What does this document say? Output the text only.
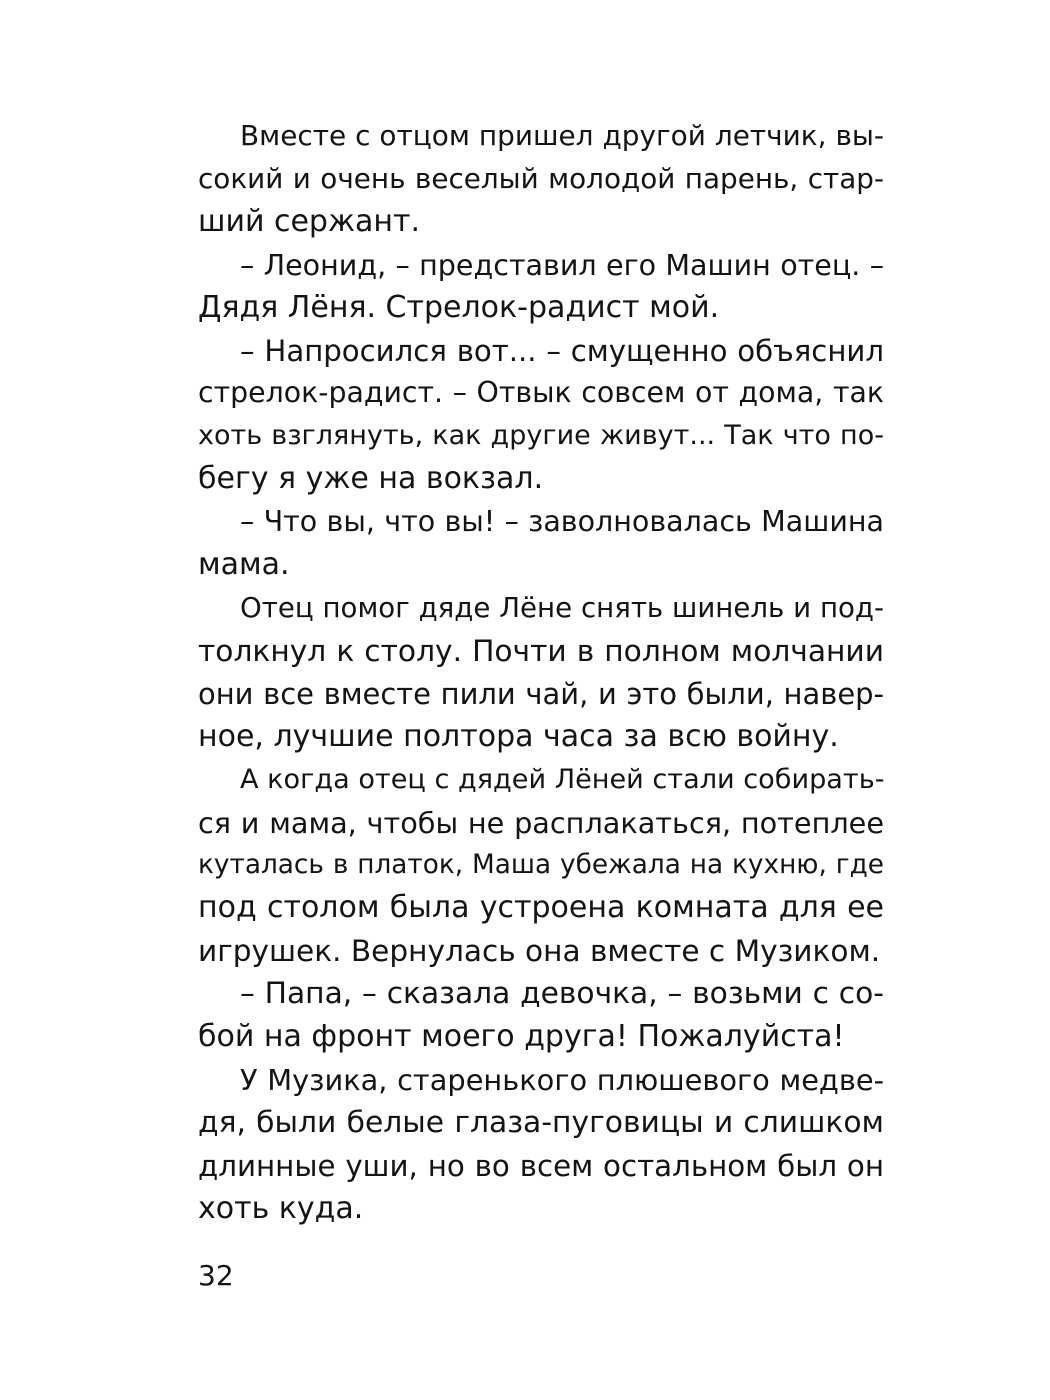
Вместе с отцом пришел другой летчик, вы-
сокий и очень веселый молодой парень, стар-
ший сержант.

– Леонид, – представил его Машин отец. –
Дядя Лёня. Стрелок-радист мой.

– Напросился вот... – смущенно объяснил
стрелок-радист. – Отвык совсем от дома, так
хоть взглянуть, как другие живут... Так что по-
бегу я уже на вокзал.

– Что вы, что вы! – заволновалась Машина
мама.

Отец помог дяде Лёне снять шинель и под-
толкнул к столу. Почти в полном молчании
они все вместе пили чай, и это были, навер-
ное, лучшие полтора часа за всю войну.

А когда отец с дядей Лёней стали собирать-
ся и мама, чтобы не расплакаться, потеплее
куталась в платок, Маша убежала на кухню, где
под столом была устроена комната для ее
игрушек. Вернулась она вместе с Музиком.

– Папа, – сказала девочка, – возьми с со-
бой на фронт моего друга! Пожалуйста!

У Музика, старенького плюшевого медве-
дя, были белые глаза-пуговицы и слишком
длинные уши, но во всем остальном был он
хоть куда.

32
